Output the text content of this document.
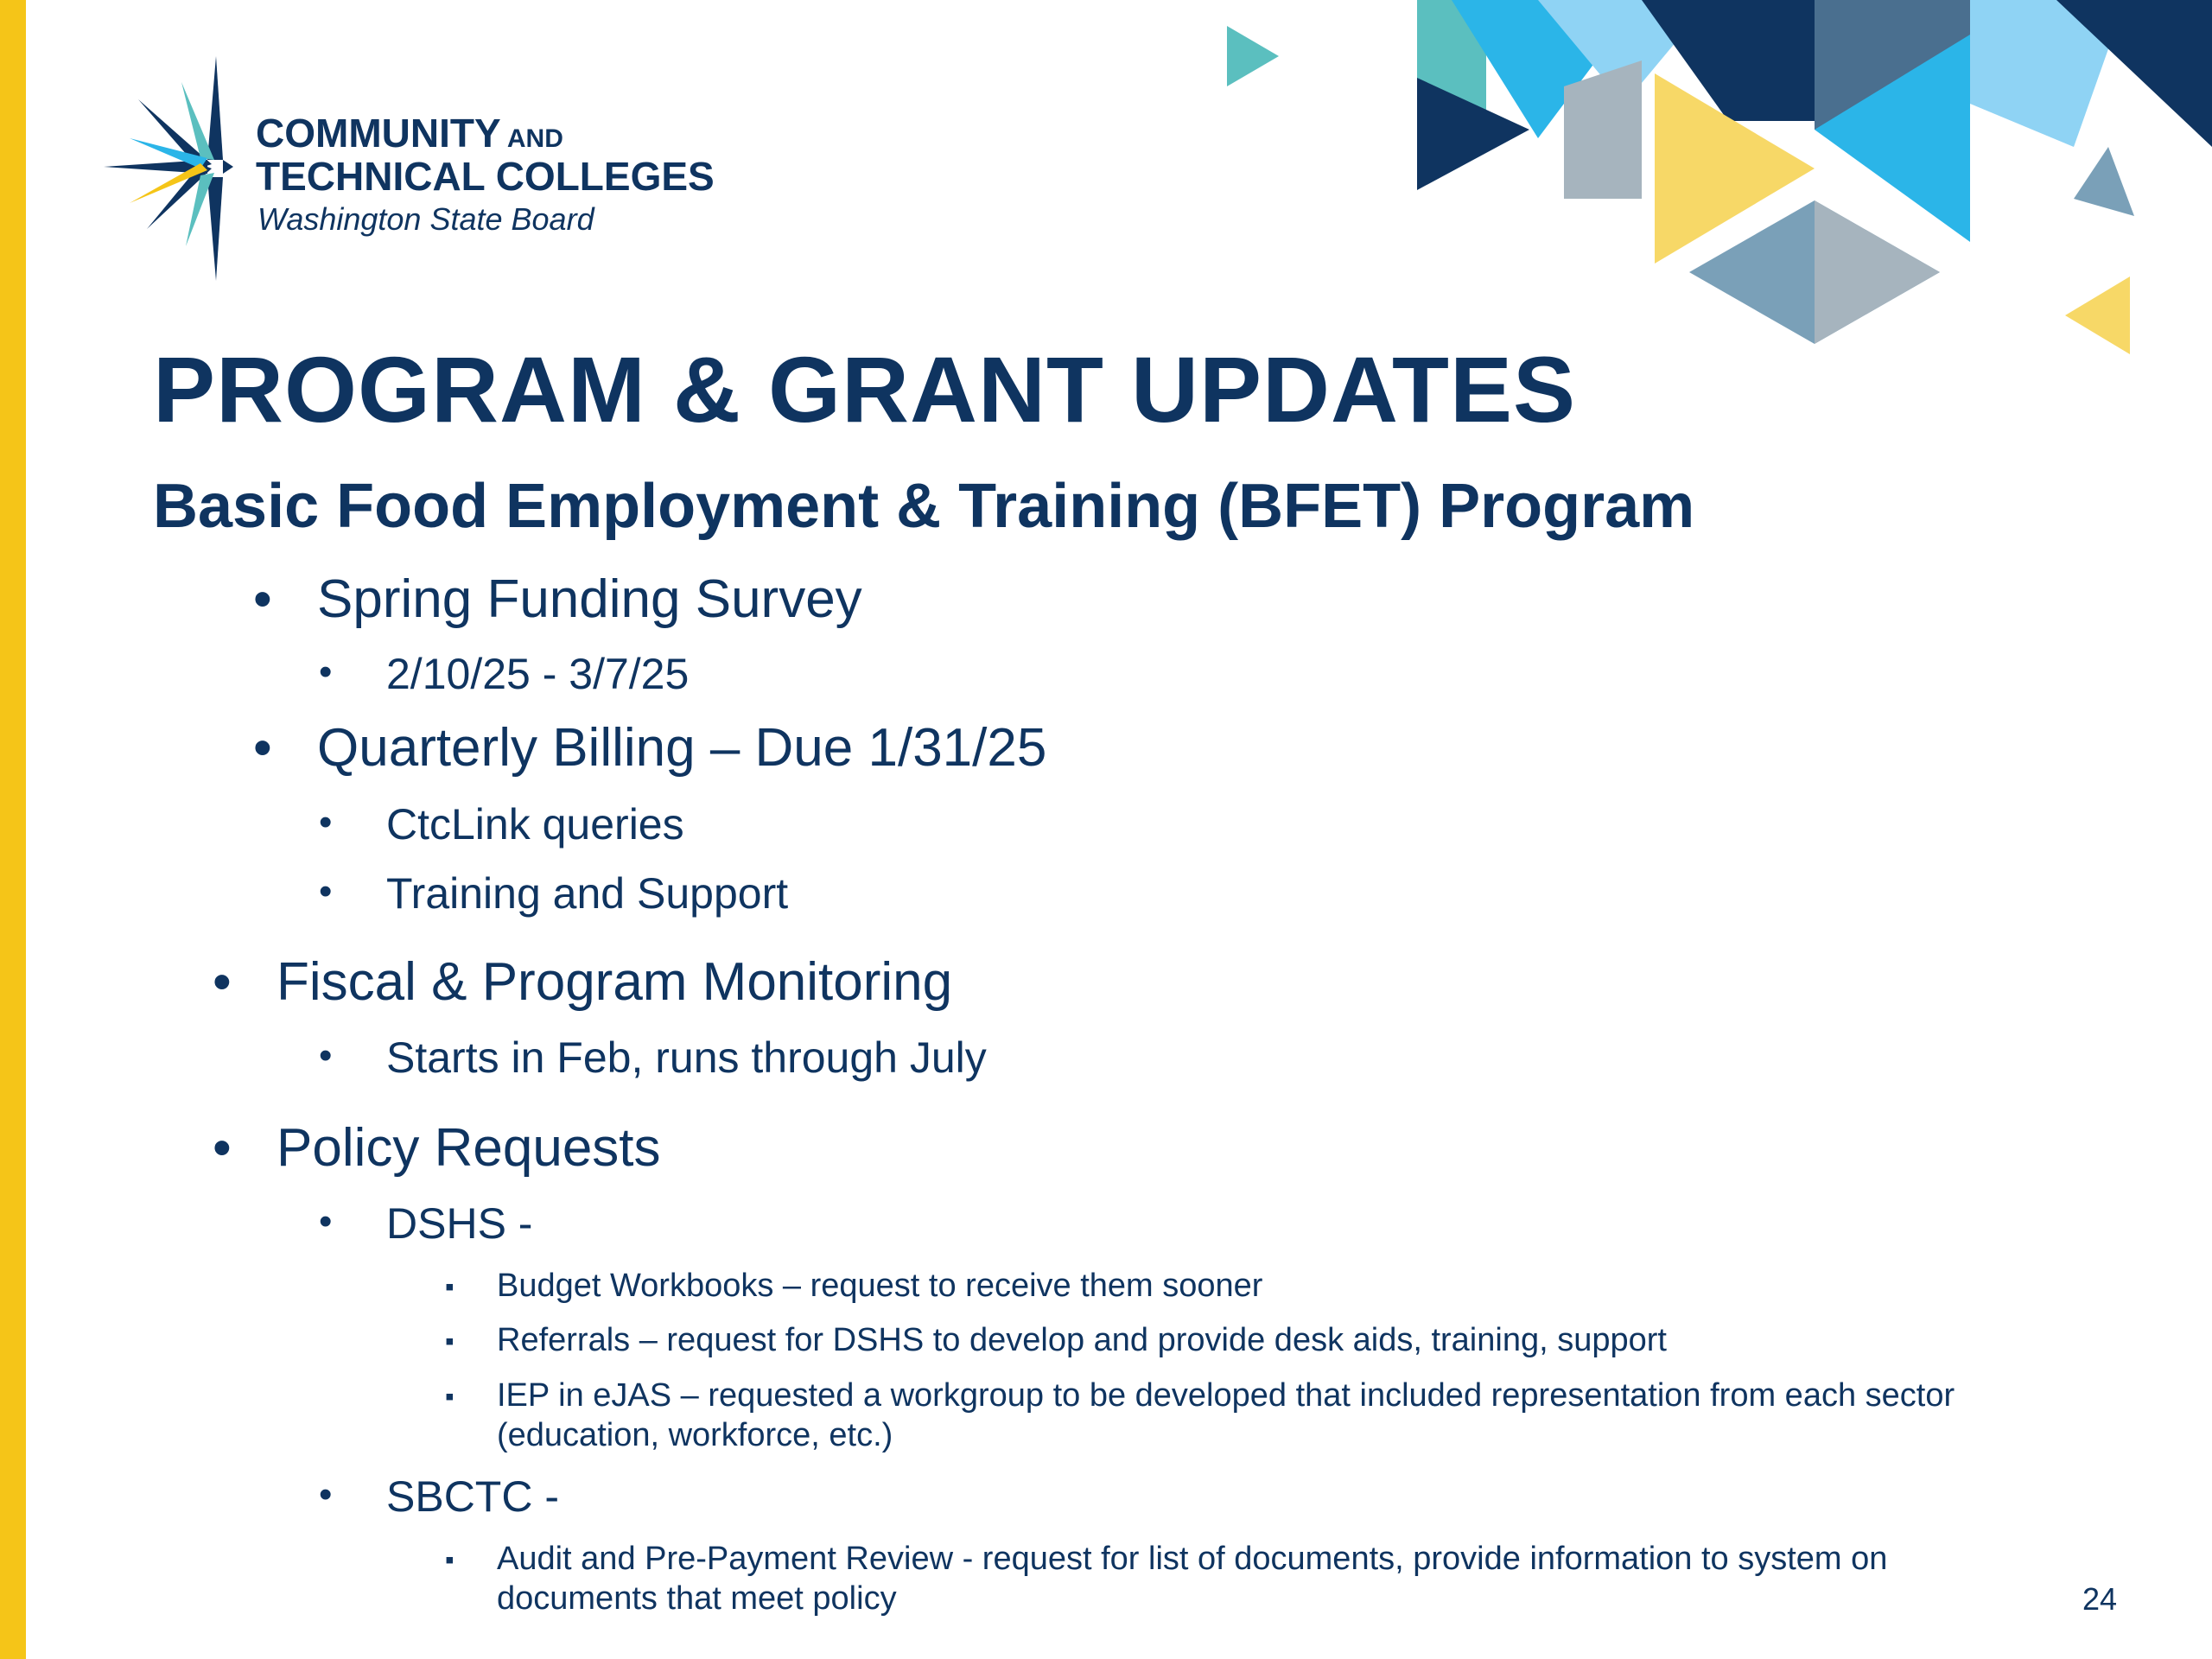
COMMUNITY AND
TECHNICAL COLLEGES
Washington State Board
PROGRAM & GRANT UPDATES
Basic Food Employment & Training (BFET) Program
• Spring Funding Survey
• 2/10/25 - 3/7/25
• Quarterly Billing – Due 1/31/25
• CtcLink queries
• Training and Support
• Fiscal & Program Monitoring
• Starts in Feb, runs through July
• Policy Requests
• DSHS -
▪ Budget Workbooks – request to receive them sooner
▪ Referrals – request for DSHS to develop and provide desk aids, training, support
▪ IEP in eJAS – requested a workgroup to be developed that included representation from each sector
(education, workforce, etc.)
• SBCTC -
▪ Audit and Pre-Payment Review - request for list of documents, provide information to system on
documents that meet policy	24
